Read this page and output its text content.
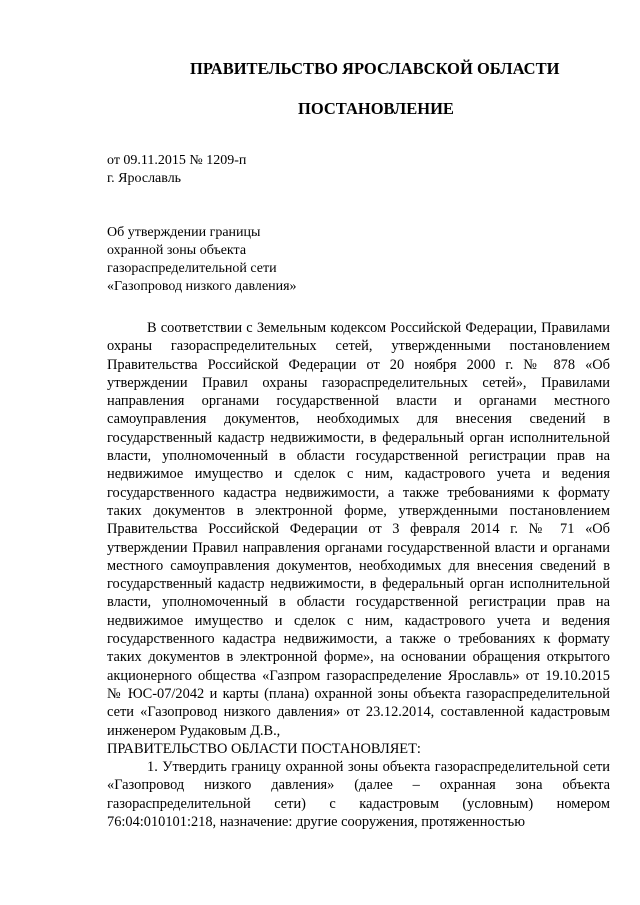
ПРАВИТЕЛЬСТВО ЯРОСЛАВСКОЙ ОБЛАСТИ
ПОСТАНОВЛЕНИЕ
от 09.11.2015 № 1209-п
г. Ярославль
Об утверждении границы
охранной зоны объекта
газораспределительной сети
«Газопровод низкого давления»

В соответствии с Земельным кодексом Российской Федерации, Правилами охраны газораспределительных сетей, утвержденными постановлением Правительства Российской Федерации от 20 ноября 2000 г. № 878 «Об утверждении Правил охраны газораспределительных сетей», Правилами направления органами государственной власти и органами местного самоуправления документов, необходимых для внесения сведений в государственный кадастр недвижимости, в федеральный орган исполнительной власти, уполномоченный в области государственной регистрации прав на недвижимое имущество и сделок с ним, кадастрового учета и ведения государственного кадастра недвижимости, а также требованиями к формату таких документов в электронной форме, утвержденными постановлением Правительства Российской Федерации от 3 февраля 2014 г. № 71 «Об утверждении Правил направления органами государственной власти и органами местного самоуправления документов, необходимых для внесения сведений в государственный кадастр недвижимости, в федеральный орган исполнительной власти, уполномоченный в области государственной регистрации прав на недвижимое имущество и сделок с ним, кадастрового учета и ведения государственного кадастра недвижимости, а также о требованиях к формату таких документов в электронной форме», на основании обращения открытого акционерного общества «Газпром газораспределение Ярославль» от 19.10.2015 № ЮС-07/2042 и карты (плана) охранной зоны объекта газораспределительной сети «Газопровод низкого давления» от 23.12.2014, составленной кадастровым инженером Рудаковым Д.В.,

ПРАВИТЕЛЬСТВО ОБЛАСТИ ПОСТАНОВЛЯЕТ:

1. Утвердить границу охранной зоны объекта газораспределительной сети «Газопровод низкого давления» (далее – охранная зона объекта газораспределительной сети) с кадастровым (условным) номером 76:04:010101:218, назначение: другие сооружения, протяженностью
